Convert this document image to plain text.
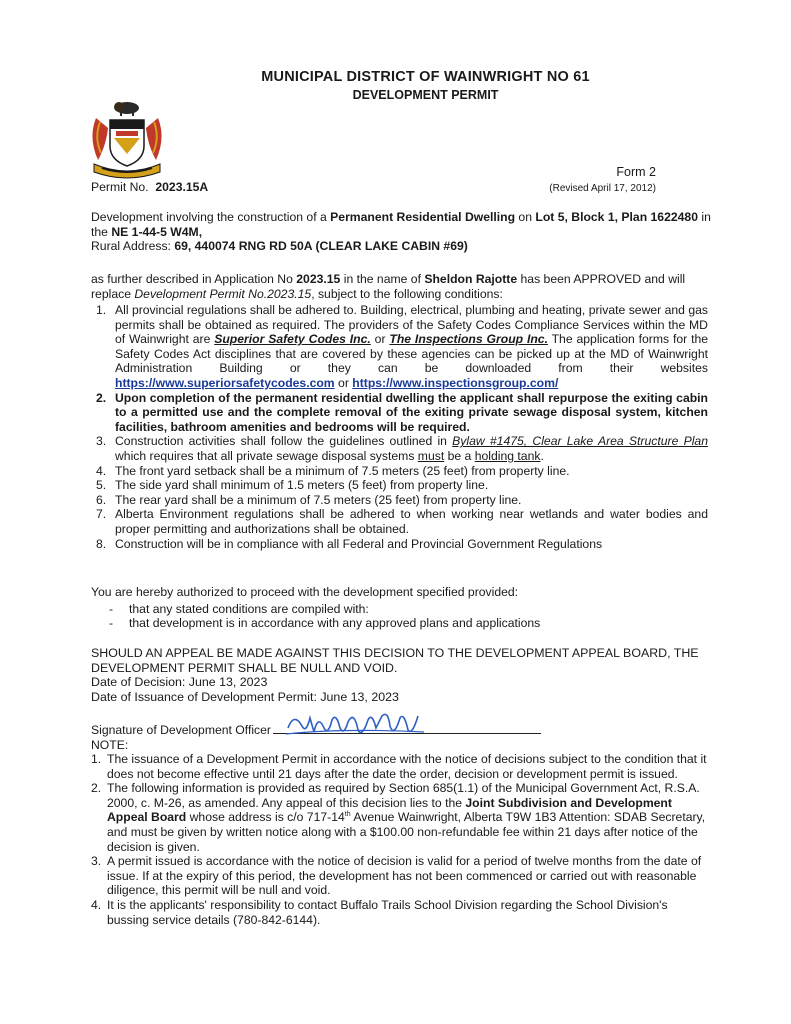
MUNICIPAL DISTRICT OF WAINWRIGHT NO 61
DEVELOPMENT PERMIT
Permit No. 2023.15A
Form 2
(Revised April 17, 2012)
Development involving the construction of a Permanent Residential Dwelling on Lot 5, Block 1, Plan 1622480 in the NE 1-44-5 W4M,
Rural Address: 69, 440074 RNG RD 50A (CLEAR LAKE CABIN #69)
as further described in Application No 2023.15 in the name of Sheldon Rajotte has been APPROVED and will replace Development Permit No.2023.15, subject to the following conditions:
1. All provincial regulations shall be adhered to. Building, electrical, plumbing and heating, private sewer and gas permits shall be obtained as required. The providers of the Safety Codes Compliance Services within the MD of Wainwright are Superior Safety Codes Inc. or The Inspections Group Inc. The application forms for the Safety Codes Act disciplines that are covered by these agencies can be picked up at the MD of Wainwright Administration Building or they can be downloaded from their websites https://www.superiorsafetycodes.com or https://www.inspectionsgroup.com/
2. Upon completion of the permanent residential dwelling the applicant shall repurpose the exiting cabin to a permitted use and the complete removal of the exiting private sewage disposal system, kitchen facilities, bathroom amenities and bedrooms will be required.
3. Construction activities shall follow the guidelines outlined in Bylaw #1475, Clear Lake Area Structure Plan which requires that all private sewage disposal systems must be a holding tank.
4. The front yard setback shall be a minimum of 7.5 meters (25 feet) from property line.
5. The side yard shall minimum of 1.5 meters (5 feet) from property line.
6. The rear yard shall be a minimum of 7.5 meters (25 feet) from property line.
7. Alberta Environment regulations shall be adhered to when working near wetlands and water bodies and proper permitting and authorizations shall be obtained.
8. Construction will be in compliance with all Federal and Provincial Government Regulations
You are hereby authorized to proceed with the development specified provided:
- that any stated conditions are compiled with:
- that development is in accordance with any approved plans and applications
SHOULD AN APPEAL BE MADE AGAINST THIS DECISION TO THE DEVELOPMENT APPEAL BOARD, THE DEVELOPMENT PERMIT SHALL BE NULL AND VOID.
Date of Decision: June 13, 2023
Date of Issuance of Development Permit: June 13, 2023
Signature of Development Officer
NOTE:
1. The issuance of a Development Permit in accordance with the notice of decisions subject to the condition that it does not become effective until 21 days after the date the order, decision or development permit is issued.
2. The following information is provided as required by Section 685(1.1) of the Municipal Government Act, R.S.A. 2000, c. M-26, as amended. Any appeal of this decision lies to the Joint Subdivision and Development Appeal Board whose address is c/o 717-14th Avenue Wainwright, Alberta T9W 1B3 Attention: SDAB Secretary, and must be given by written notice along with a $100.00 non-refundable fee within 21 days after notice of the decision is given.
3. A permit issued is accordance with the notice of decision is valid for a period of twelve months from the date of issue. If at the expiry of this period, the development has not been commenced or carried out with reasonable diligence, this permit will be null and void.
4. It is the applicants' responsibility to contact Buffalo Trails School Division regarding the School Division's bussing service details (780-842-6144).
